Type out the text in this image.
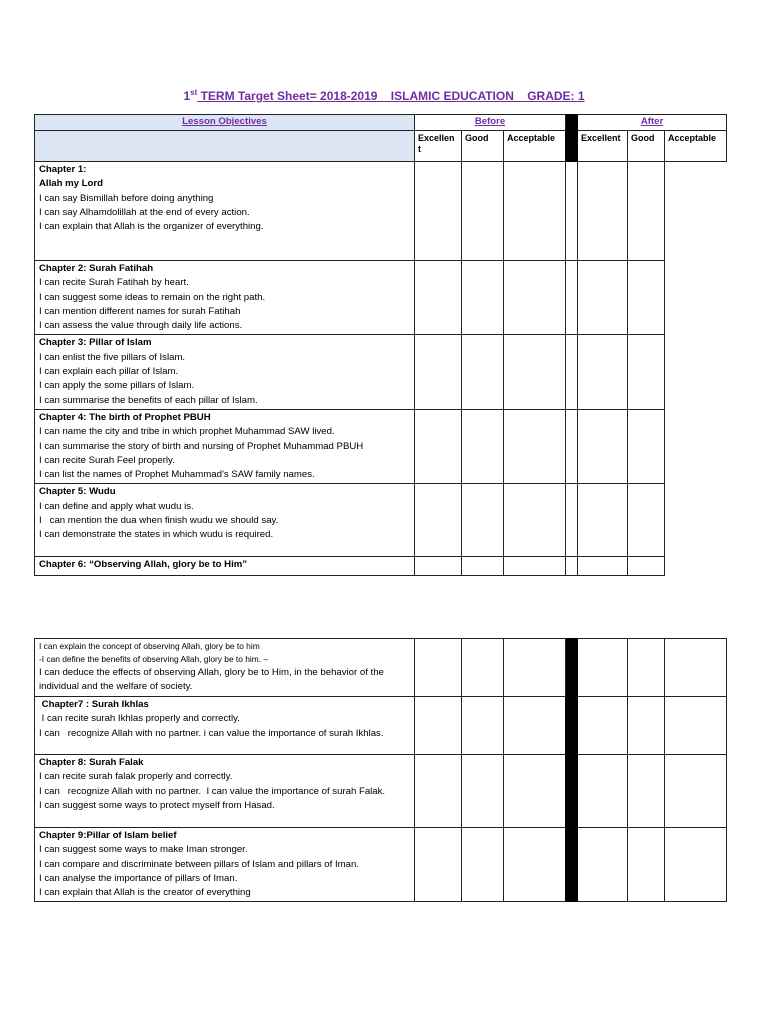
1st TERM Target Sheet= 2018-2019    ISLAMIC EDUCATION    GRADE: 1
Lesson Objectives	Before				After		
	Excellen t	Good	Acceptable		Excellent	Good	Acceptable

Chapter 1:
Allah my Lord
I can say Bismillah before doing anything
I can say Alhamdolillah at the end of every action.
I can explain that Allah is the organizer of everything.							

Chapter 2: Surah Fatihah
I can recite Surah Fatihah by heart.
I can suggest some ideas to remain on the right path.
I can mention different names for surah Fatihah
I can assess the value through daily life actions.							

Chapter 3: Pillar of Islam
I can enlist the five pillars of Islam.
I can explain each pillar of Islam.
I can apply the some pillars of Islam.
I can summarise the benefits of each pillar of Islam.							

Chapter 4: The birth of Prophet PBUH
I can name the city and tribe in which prophet Muhammad SAW lived.
I can summarise the story of birth and nursing of Prophet Muhammad PBUH
I can recite Surah Feel properly.
I can list the names of Prophet Muhammad’s SAW family names.							

Chapter 5: Wudu
I can define and apply what wudu is.
I   can mention the dua when finish wudu we should say.
I can demonstrate the states in which wudu is required.							

Chapter 6: “Observing Allah, glory be to Him”							

I can explain the concept of observing Allah, glory be to him
-I can define the benefits of observing Allah, glory be to him. –
I can deduce the effects of observing Allah, glory be to Him, in the behavior of the individual and the welfare of society.							

Chapter7 : Surah Ikhlas
I can recite surah Ikhlas properly and correctly.
I can   recognize Allah with no partner. i can value the importance of surah Ikhlas.							

Chapter 8: Surah Falak
I can recite surah falak properly and correctly.
I can   recognize Allah with no partner.  I can value the importance of surah Falak.
I can suggest some ways to protect myself from Hasad.							

Chapter 9:Pillar of Islam belief
I can suggest some ways to make Iman stronger.
I can compare and discriminate between pillars of Islam and pillars of Iman.
I can analyse the importance of pillars of Iman.
I can explain that Allah is the creator of everything							
